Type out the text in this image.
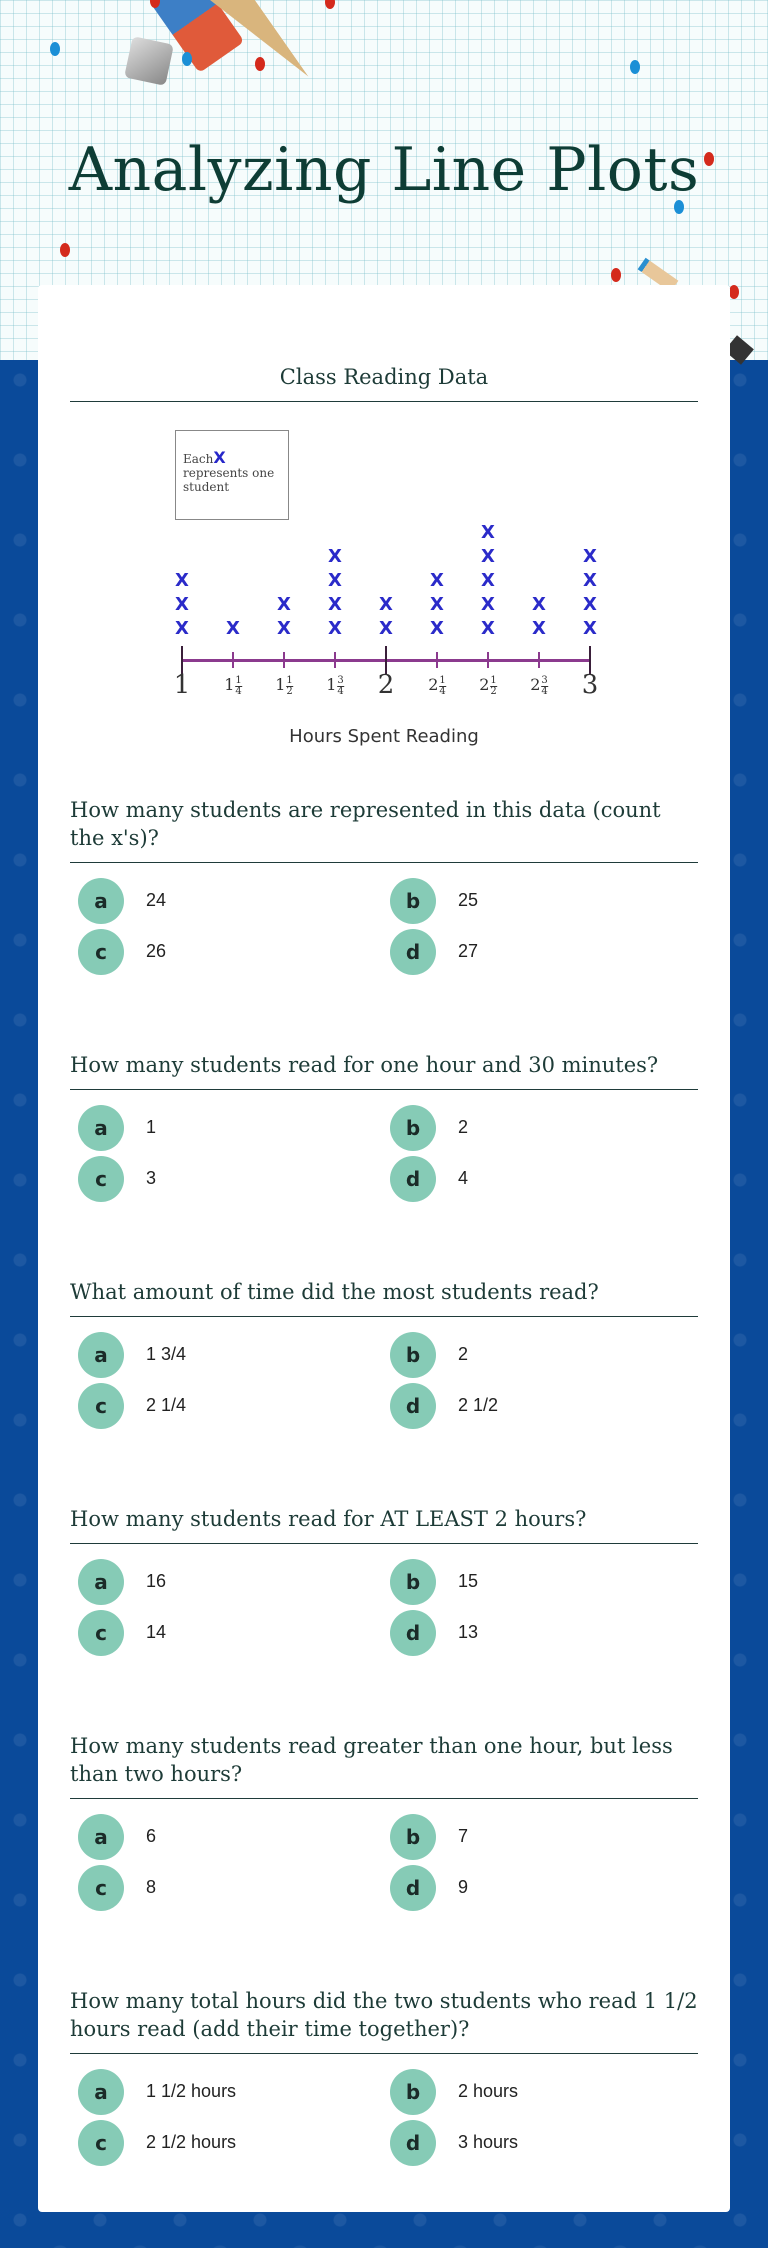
Analyzing Line Plots
Class Reading Data
EachX
represents one student
X
X
X
X X
X
X
X
X
X
X
X
X
X
X
X
X
X
X
X
X
X
X
X
X
X
1 $1 \frac{1}{4} 1 \frac{1}{2} 1 \frac{3}{4} 2$ $2 \frac{1}{4} 2 \frac{1}{2} 2 \frac{3}{4} 3$
Hours Spent Reading
How many students are represented in this data (count the x's)?
a	24	b	25
c	26	d	27
How many students read for one hour and 30 minutes?
a	1	b	2
c	3	d	4
What amount of time did the most students read?
a	1 3/4	b	2
c	2 1/4	d	2 1/2
How many students read for AT LEAST 2 hours?
a	16	b	15
c	14	d	13
How many students read greater than one hour, but less than two hours?
a	6	b	7
c	8	d	9
How many total hours did the two students who read 1 1/2 hours read (add their time together)?
a	1 1/2 hours	b	2 hours
c	2 1/2 hours	d	3 hours
